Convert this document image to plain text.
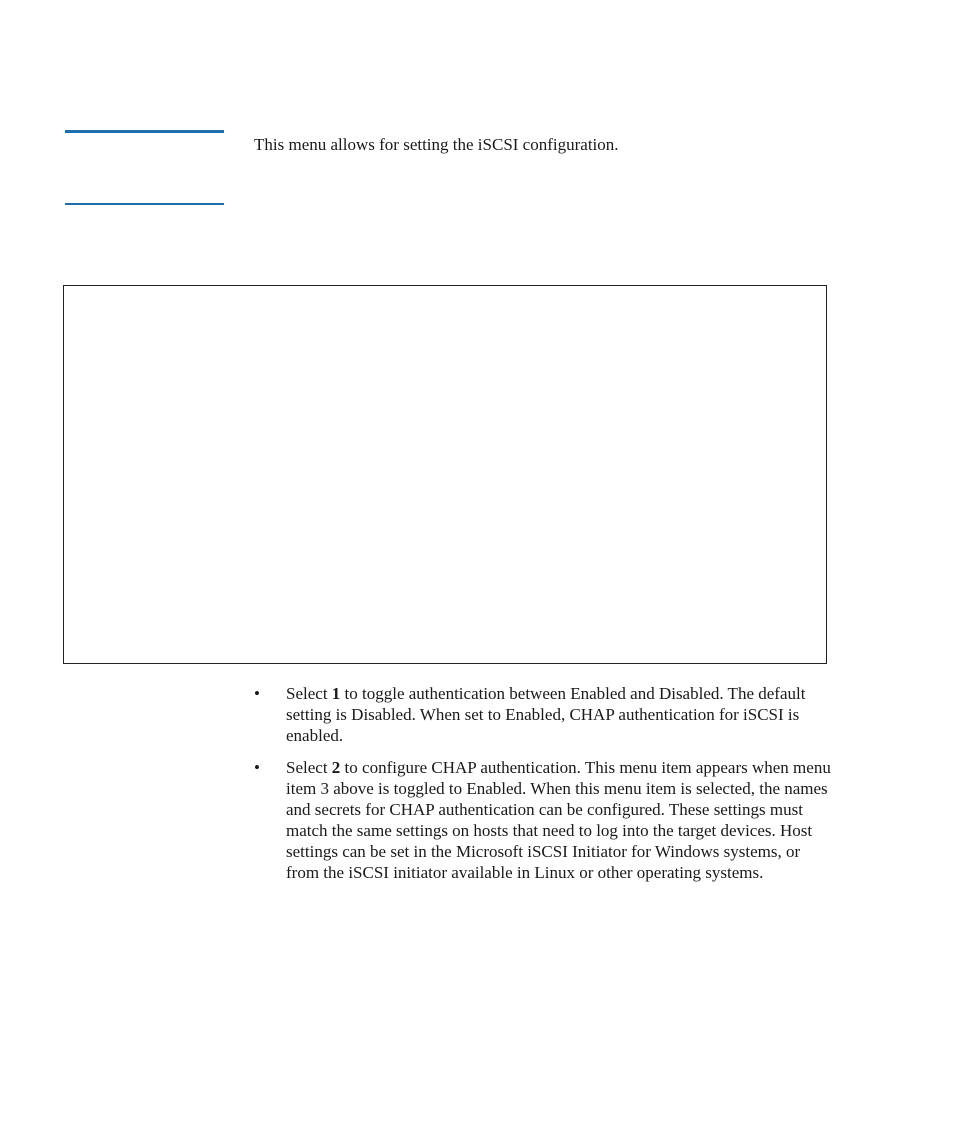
This menu allows for setting the iSCSI configuration.

•	Select 1 to toggle authentication between Enabled and Disabled. The default setting is Disabled. When set to Enabled, CHAP authentication for iSCSI is enabled.
•	Select 2 to configure CHAP authentication. This menu item appears when menu item 3 above is toggled to Enabled. When this menu item is selected, the names and secrets for CHAP authentication can be configured. These settings must match the same settings on hosts that need to log into the target devices. Host settings can be set in the Microsoft iSCSI Initiator for Windows systems, or from the iSCSI initiator available in Linux or other operating systems.
